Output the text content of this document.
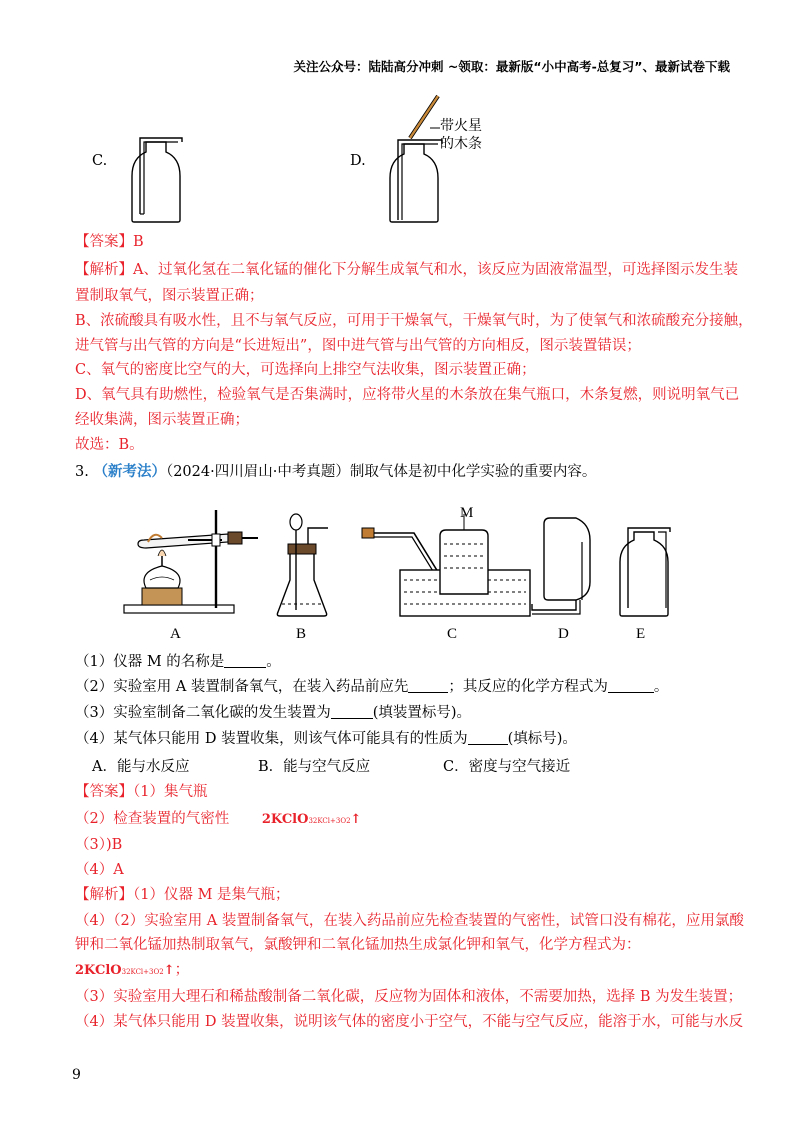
关注公众号：陆陆高分冲刺 ~领取：最新版“小中高考-总复习”、最新试卷下载
C.	D.
带火星
的木条
【答案】B
【解析】A、过氧化氢在二氧化锰的催化下分解生成氧气和水，该反应为固液常温型，可选择图示发生装
置制取氧气，图示装置正确；
B、浓硫酸具有吸水性，且不与氧气反应，可用于干燥氧气，干燥氧气时，为了使氧气和浓硫酸充分接触，
进气管与出气管的方向是“长进短出”，图中进气管与出气管的方向相反，图示装置错误；
C、氧气的密度比空气的大，可选择向上排空气法收集，图示装置正确；
D、氧气具有助燃性，检验氧气是否集满时，应将带火星的木条放在集气瓶口，木条复燃，则说明氧气已
经收集满，图示装置正确；
故选：B。
3. （新考法）（2024·四川眉山·中考真题）制取气体是初中化学实验的重要内容。
M
A	B	C	D	E
（1）仪器 M 的名称是	。
（2）实验室用 A 装置制备氧气，在装入药品前应先	；其反应的化学方程式为	。
（3）实验室制备二氧化碳的发生装置为	(填装置标号)。
（4）某气体只能用 D 装置收集，则该气体可能具有的性质为	(填标号)。
A．能与水反应	B．能与空气反应	C．密度与空气接近
【答案】（1）集气瓶
（2）检查装置的气密性	2KClO32KCl+3O2↑
（3）)B
（4）A
【解析】（1）仪器 M 是集气瓶；
（4）（2）实验室用 A 装置制备氧气，在装入药品前应先检查装置的气密性，试管口没有棉花，应用氯酸
钾和二氧化锰加热制取氧气，氯酸钾和二氧化锰加热生成氯化钾和氧气，化学方程式为：
2KClO32KCl+3O2↑；
（3）实验室用大理石和稀盐酸制备二氧化碳，反应物为固体和液体，不需要加热，选择 B 为发生装置；
（4）某气体只能用 D 装置收集，说明该气体的密度小于空气，不能与空气反应，能溶于水，可能与水反
9
